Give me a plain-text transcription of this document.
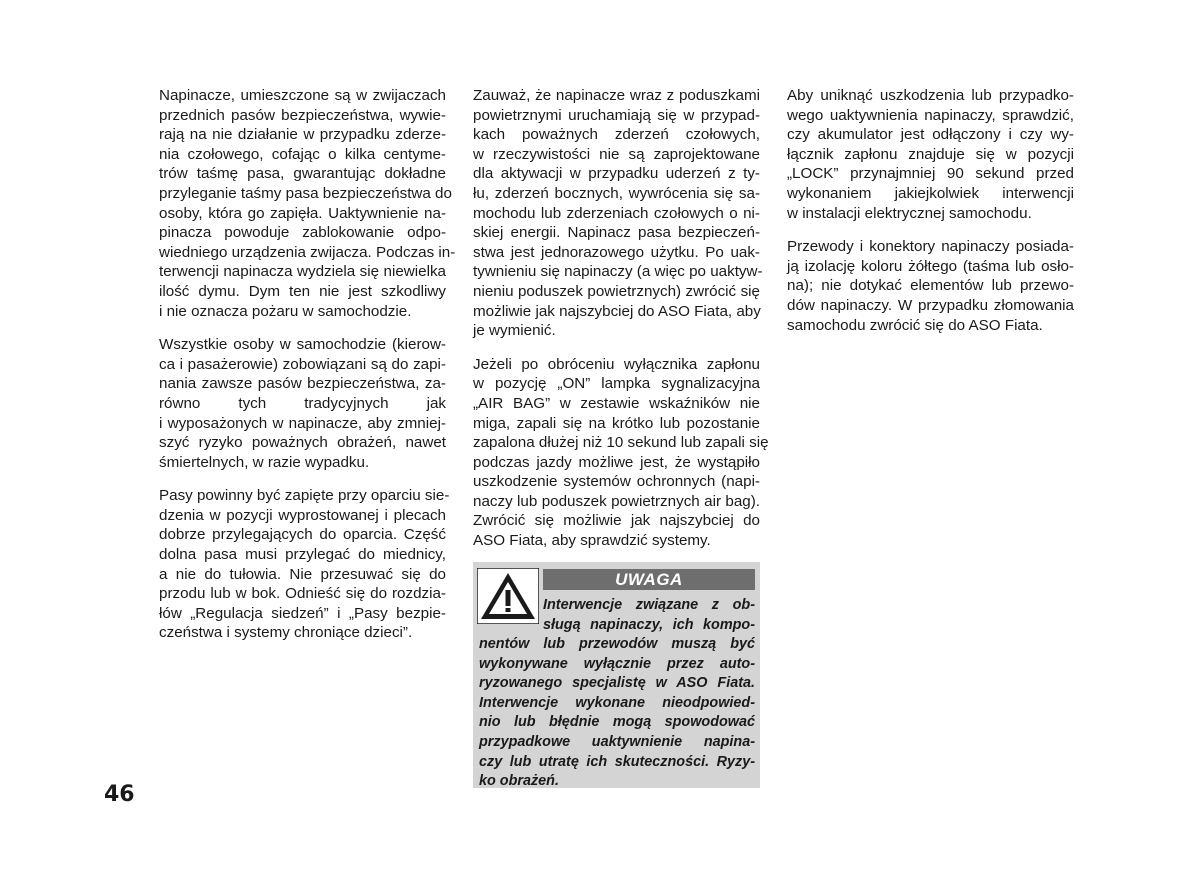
Napinacze, umieszczone są w zwijaczach
przednich pasów bezpieczeństwa, wywie-
rają na nie działanie w przypadku zderze-
nia czołowego, cofając o kilka centyme-
trów taśmę pasa, gwarantując dokładne
przyleganie taśmy pasa bezpieczeństwa do
osoby, która go zapięła. Uaktywnienie na-
pinacza powoduje zablokowanie odpo-
wiedniego urządzenia zwijacza. Podczas in-
terwencji napinacza wydziela się niewielka
ilość dymu. Dym ten nie jest szkodliwy
i nie oznacza pożaru w samochodzie.

Wszystkie osoby w samochodzie (kierow-
ca i pasażerowie) zobowiązani są do zapi-
nania zawsze pasów bezpieczeństwa, za-
równo tych tradycyjnych jak
i wyposażonych w napinacze, aby zmniej-
szyć ryzyko poważnych obrażeń, nawet
śmiertelnych, w razie wypadku.

Pasy powinny być zapięte przy oparciu sie-
dzenia w pozycji wyprostowanej i plecach
dobrze przylegających do oparcia. Część
dolna pasa musi przylegać do miednicy,
a nie do tułowia. Nie przesuwać się do
przodu lub w bok. Odnieść się do rozdzia-
łów „Regulacja siedzeń” i „Pasy bezpie-
czeństwa i systemy chroniące dzieci”.

Zauważ, że napinacze wraz z poduszkami
powietrznymi uruchamiają się w przypad-
kach poważnych zderzeń czołowych,
w rzeczywistości nie są zaprojektowane
dla aktywacji w przypadku uderzeń z ty-
łu, zderzeń bocznych, wywrócenia się sa-
mochodu lub zderzeniach czołowych o ni-
skiej energii. Napinacz pasa bezpieczeń-
stwa jest jednorazowego użytku. Po uak-
tywnieniu się napinaczy (a więc po uaktyw-
nieniu poduszek powietrznych) zwrócić się
możliwie jak najszybciej do ASO Fiata, aby
je wymienić.

Jeżeli po obróceniu wyłącznika zapłonu
w pozycję „ON” lampka sygnalizacyjna
„AIR BAG” w zestawie wskaźników nie
miga, zapali się na krótko lub pozostanie
zapalona dłużej niż 10 sekund lub zapali się
podczas jazdy możliwe jest, że wystąpiło
uszkodzenie systemów ochronnych (napi-
naczy lub poduszek powietrznych air bag).
Zwrócić się możliwie jak najszybciej do
ASO Fiata, aby sprawdzić systemy.

Aby uniknąć uszkodzenia lub przypadko-
wego uaktywnienia napinaczy, sprawdzić,
czy akumulator jest odłączony i czy wy-
łącznik zapłonu znajduje się w pozycji
„LOCK” przynajmniej 90 sekund przed
wykonaniem jakiejkolwiek interwencji
w instalacji elektrycznej samochodu.

Przewody i konektory napinaczy posiada-
ją izolację koloru żółtego (taśma lub osło-
na); nie dotykać elementów lub przewo-
dów napinaczy. W przypadku złomowania
samochodu zwrócić się do ASO Fiata.

UWAGA
Interwencje związane z ob-
sługą napinaczy, ich kompo-
nentów lub przewodów muszą być
wykonywane wyłącznie przez auto-
ryzowanego specjalistę w ASO Fiata.
Interwencje wykonane nieodpowied-
nio lub błędnie mogą spowodować
przypadkowe uaktywnienie napina-
czy lub utratę ich skuteczności. Ryzy-
ko obrażeń.
46
